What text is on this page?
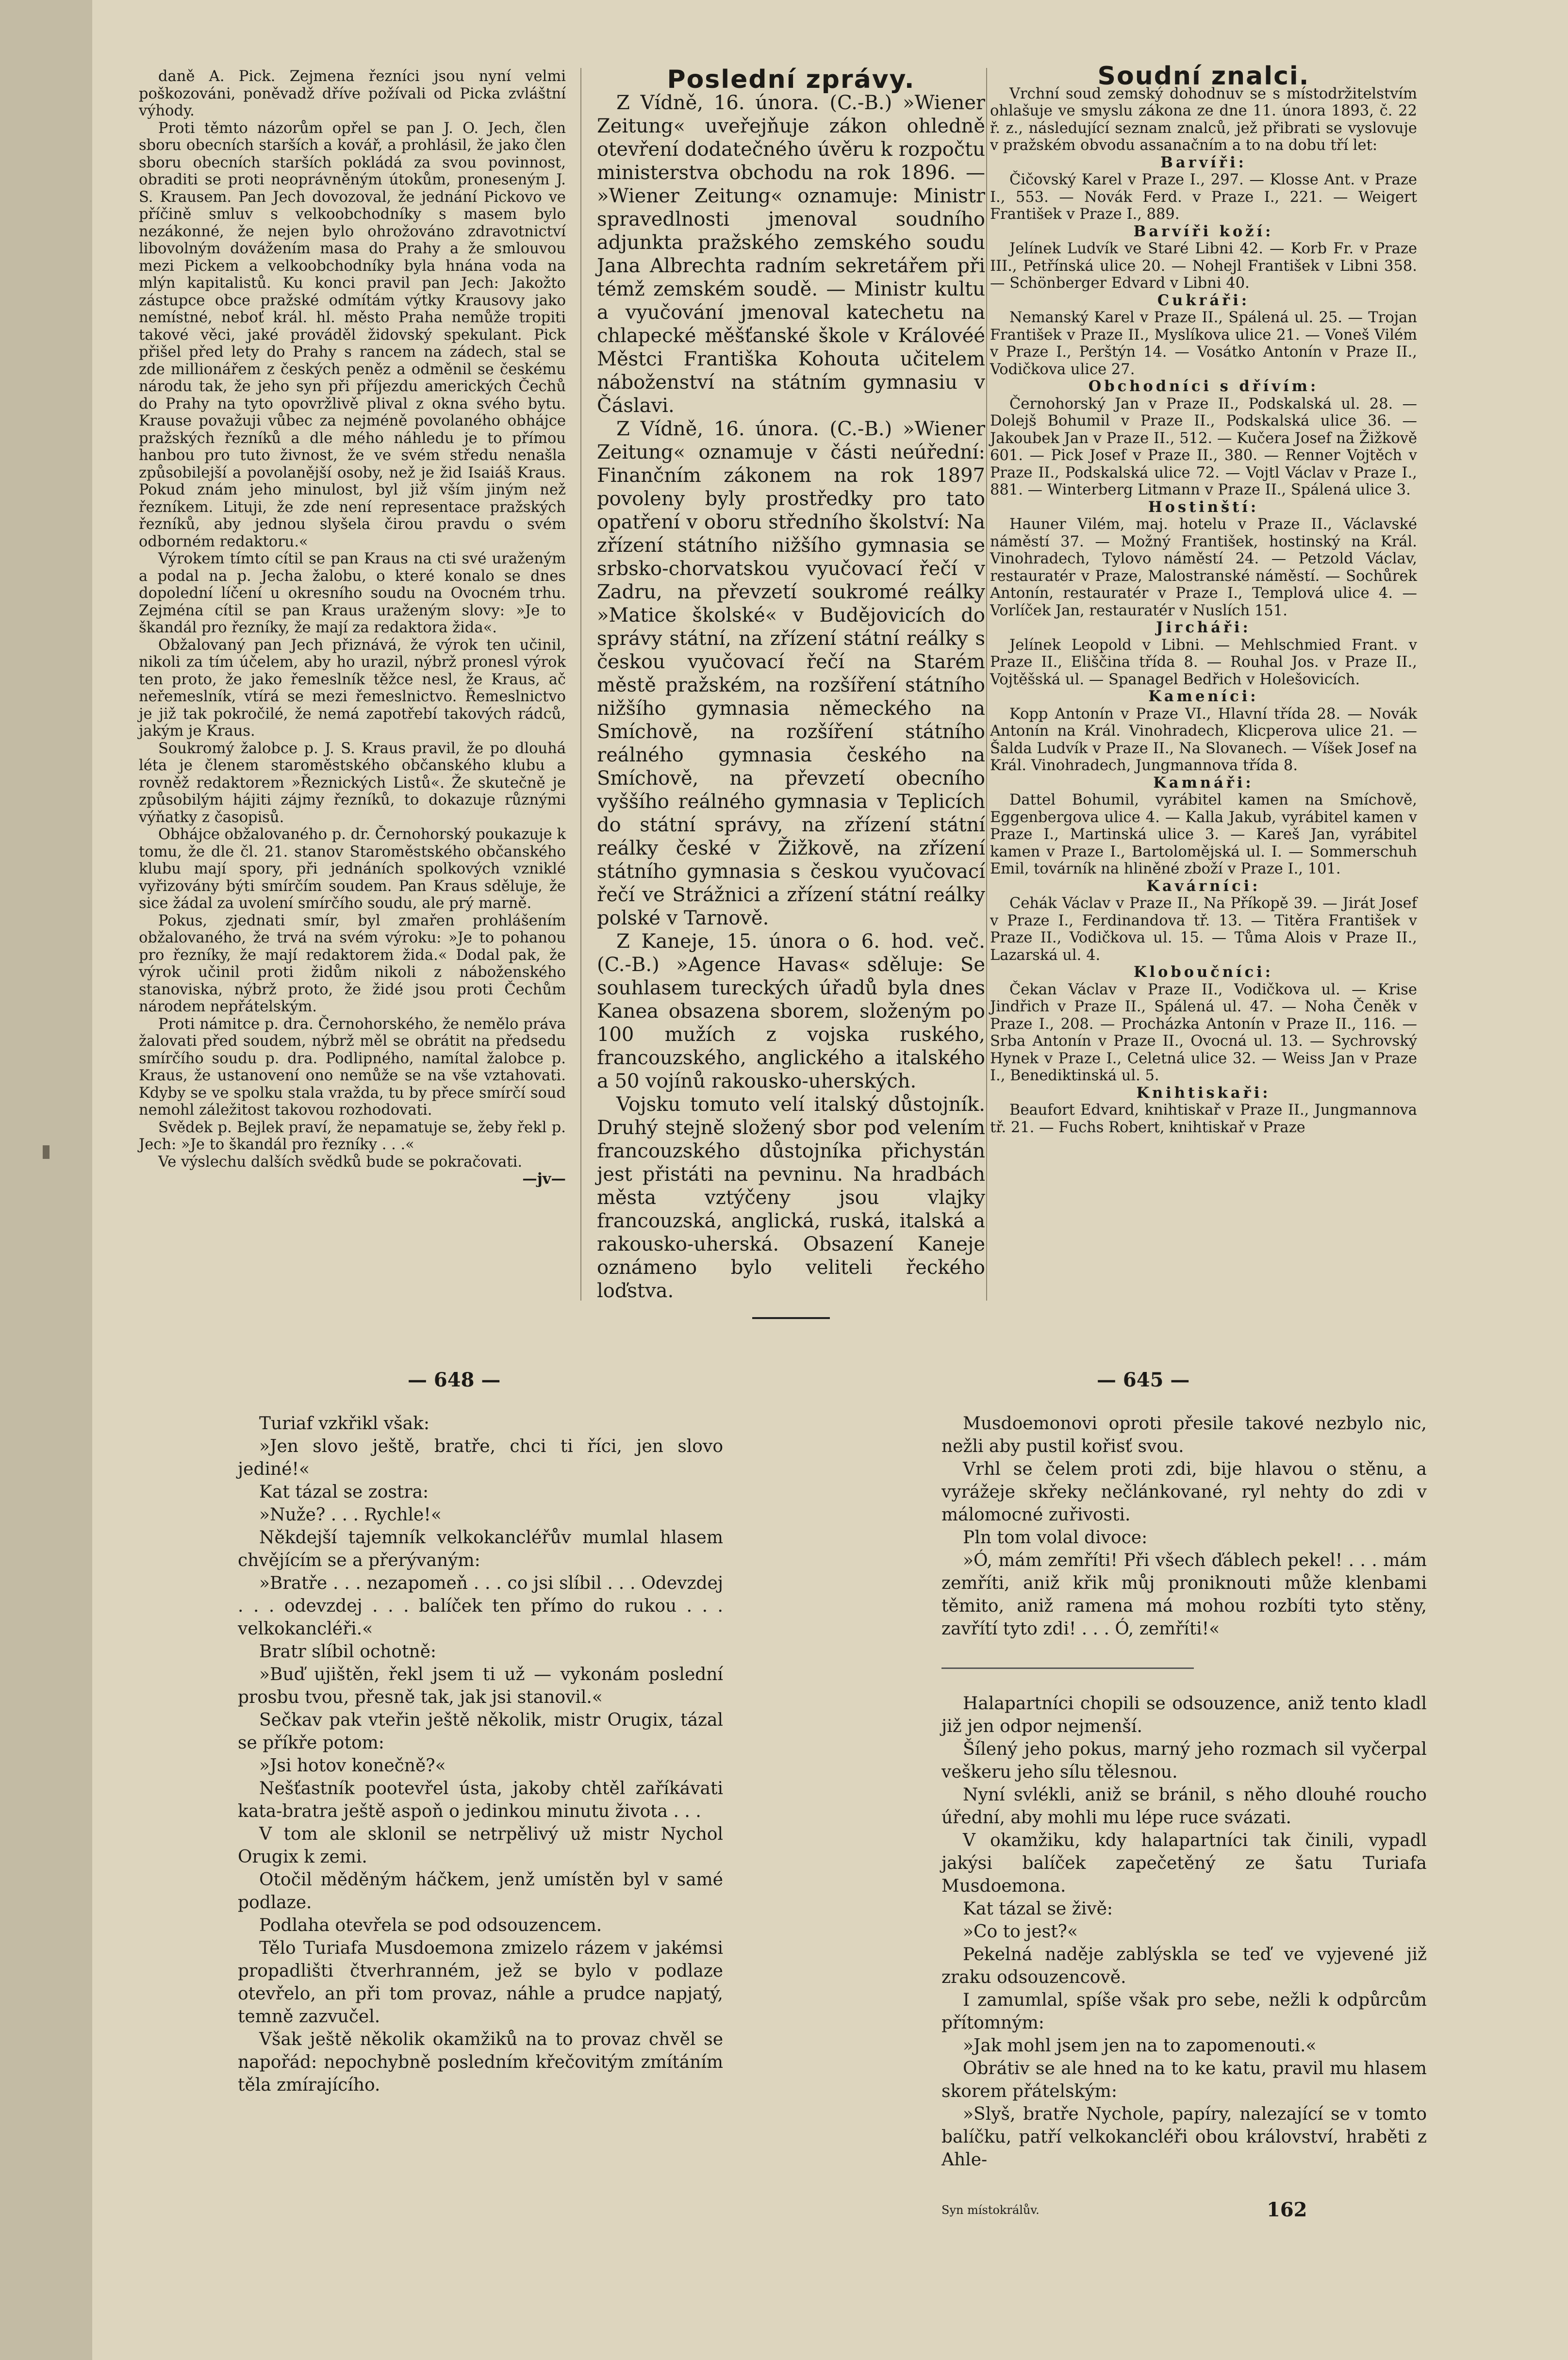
daně A. Pick. Zejmena řezníci jsou nyní velmi poškozováni, poněvadž dříve požívali od Picka zvláštní výhody.

Proti těmto názorům opřel se pan J. O. Jech, člen sboru obecních starších a kovář, a prohlásil, že jako člen sboru obecních starších pokládá za svou povinnost, obraditi se proti neoprávněným útokům, proneseným J. S. Krausem. Pan Jech dovozoval, že jednání Pickovo ve příčině smluv s velkoobchodníky s masem bylo nezákonné, že nejen bylo ohrožováno zdravotnictví libovolným dovážením masa do Prahy a že smlouvou mezi Pickem a velkoobchodníky byla hnána voda na mlýn kapitalistů. Ku konci pravil pan Jech: Jakožto zástupce obce pražské odmítám výtky Krausovy jako nemístné, neboť král. hl. město Praha nemůže tropiti takové věci, jaké prováděl židovský spekulant. Pick přišel před lety do Prahy s rancem na zádech, stal se zde millionářem z českých peněz a odměnil se českému národu tak, že jeho syn při příjezdu amerických Čechů do Prahy na tyto opovržlivě plival z okna svého bytu. Krause považuji vůbec za nejméně povolaného obhájce pražských řezníků a dle mého náhledu je to přímou hanbou pro tuto živnost, že ve svém středu nenašla způsobilejší a povolanější osoby, než je žid Isaiáš Kraus. Pokud znám jeho minulost, byl již vším jiným než řezníkem. Lituji, že zde není representace pražských řezníků, aby jednou slyšela čirou pravdu o svém odborném redaktoru.«

Výrokem tímto cítil se pan Kraus na cti své uraženým a podal na p. Jecha žalobu, o které konalo se dnes dopolední líčení u okresního soudu na Ovocném trhu. Zejména cítil se pan Kraus uraženým slovy: »Je to škandál pro řezníky, že mají za redaktora žida«.

Obžalovaný pan Jech přiznává, že výrok ten učinil, nikoli za tím účelem, aby ho urazil, nýbrž pronesl výrok ten proto, že jako řemeslník těžce nesl, že Kraus, ač neřemeslník, vtírá se mezi řemeslnictvo. Řemeslnictvo je již tak pokročilé, že nemá zapotřebí takových rádců, jakým je Kraus.

Soukromý žalobce p. J. S. Kraus pravil, že po dlouhá léta je členem staroměstského občanského klubu a rovněž redaktorem »Řeznických Listů«. Že skutečně je způsobilým hájiti zájmy řezníků, to dokazuje různými výňatky z časopisů.

Obhájce obžalovaného p. dr. Černohorský poukazuje k tomu, že dle čl. 21. stanov Staroměstského občanského klubu mají spory, při jednáních spolkových vzniklé vyřizovány býti smírčím soudem. Pan Kraus sděluje, že sice žádal za uvolení smírčího soudu, ale prý marně.

Pokus, zjednati smír, byl zmařen prohlášením obžalovaného, že trvá na svém výroku: »Je to pohanou pro řezníky, že mají redaktorem žida.« Dodal pak, že výrok učinil proti židům nikoli z náboženského stanoviska, nýbrž proto, že židé jsou proti Čechům národem nepřátelským.

Proti námitce p. dra. Černohorského, že nemělo práva žalovati před soudem, nýbrž měl se obrátit na předsedu smírčího soudu p. dra. Podlipného, namítal žalobce p. Kraus, že ustanovení ono nemůže se na vše vztahovati. Kdyby se ve spolku stala vražda, tu by přece smírčí soud nemohl záležitost takovou rozhodovati.

Svědek p. Bejlek praví, že nepamatuje se, žeby řekl p. Jech: »Je to škandál pro řezníky . . .«

Ve výslechu dalších svědků bude se pokračovati.

—jv—

Poslední zprávy.

Z Vídně, 16. února. (C.-B.) »Wiener Zeitung« uveřejňuje zákon ohledně otevření dodatečného úvěru k rozpočtu ministerstva obchodu na rok 1896. — »Wiener Zeitung« oznamuje: Ministr spravedlnosti jmenoval soudního adjunkta pražského zemského soudu Jana Albrechta radním sekretářem při témž zemském soudě. — Ministr kultu a vyučování jmenoval katechetu na chlapecké měšťanské škole v Královéé Městci Františka Kohouta učitelem náboženství na státním gymnasiu v Čáslavi.

Z Vídně, 16. února. (C.-B.) »Wiener Zeitung« oznamuje v části neúřední: Finančním zákonem na rok 1897 povoleny byly prostředky pro tato opatření v oboru středního školství: Na zřízení státního nižšího gymnasia se srbsko-chorvatskou vyučovací řečí v Zadru, na převzetí soukromé reálky »Matice školské« v Budějovicích do správy státní, na zřízení státní reálky s českou vyučovací řečí na Starém městě pražském, na rozšíření státního nižšího gymnasia německého na Smíchově, na rozšíření státního reálného gymnasia českého na Smíchově, na převzetí obecního vyššího reálného gymnasia v Teplicích do státní správy, na zřízení státní reálky české v Žižkově, na zřízení státního gymnasia s českou vyučovací řečí ve Strážnici a zřízení státní reálky polské v Tarnově.

Z Kaneje, 15. února o 6. hod. več. (C.-B.) »Agence Havas« sděluje: Se souhlasem tureckých úřadů byla dnes Kanea obsazena sborem, složeným po 100 mužích z vojska ruského, francouzského, anglického a italského a 50 vojínů rakousko-uherských.

Vojsku tomuto velí italský důstojník. Druhý stejně složený sbor pod velením francouzského důstojníka přichystán jest přistáti na pevninu. Na hradbách města vztýčeny jsou vlajky francouzská, anglická, ruská, italská a rakousko-uherská. Obsazení Kaneje oznámeno bylo veliteli řeckého loďstva.

Soudní znalci.

Vrchní soud zemský dohodnuv se s místodržitelstvím ohlašuje ve smyslu zákona ze dne 11. února 1893, č. 22 ř. z., následující seznam znalců, jež přibrati se vyslovuje v pražském obvodu assanačním a to na dobu tří let:

Barvíři:

Čičovský Karel v Praze I., 297. — Klosse Ant. v Praze I., 553. — Novák Ferd. v Praze I., 221. — Weigert František v Praze I., 889.

Barvíři koží:

Jelínek Ludvík ve Staré Libni 42. — Korb Fr. v Praze III., Petřínská ulice 20. — Nohejl František v Libni 358. — Schönberger Edvard v Libni 40.

Cukráři:

Nemanský Karel v Praze II., Spálená ul. 25. — Trojan František v Praze II., Myslíkova ulice 21. — Voneš Vilém v Praze I., Perštýn 14. — Vosátko Antonín v Praze II., Vodičkova ulice 27.

Obchodníci s dřívím:

Černohorský Jan v Praze II., Podskalská ul. 28. — Dolejš Bohumil v Praze II., Podskalská ulice 36. — Jakoubek Jan v Praze II., 512. — Kučera Josef na Žižkově 601. — Pick Josef v Praze II., 380. — Renner Vojtěch v Praze II., Podskalská ulice 72. — Vojtl Václav v Praze I., 881. — Winterberg Litmann v Praze II., Spálená ulice 3.

Hostinští:

Hauner Vilém, maj. hotelu v Praze II., Václavské náměstí 37. — Možný František, hostinský na Král. Vinohradech, Tylovo náměstí 24. — Petzold Václav, restauratér v Praze, Malostranské náměstí. — Sochůrek Antonín, restauratér v Praze I., Templová ulice 4. — Vorlíček Jan, restauratér v Nuslích 151.

Jircháři:

Jelínek Leopold v Libni. — Mehlschmied Frant. v Praze II., Eliščina třída 8. — Rouhal Jos. v Praze II., Vojtěšská ul. — Spanagel Bedřich v Holešovicích.

Kameníci:

Kopp Antonín v Praze VI., Hlavní třída 28. — Novák Antonín na Král. Vinohradech, Klicperova ulice 21. — Šalda Ludvík v Praze II., Na Slovanech. — Víšek Josef na Král. Vinohradech, Jungmannova třída 8.

Kamnáři:

Dattel Bohumil, vyrábitel kamen na Smíchově, Eggenbergova ulice 4. — Kalla Jakub, vyrábitel kamen v Praze I., Martinská ulice 3. — Kareš Jan, vyrábitel kamen v Praze I., Bartolomějská ul. I. — Sommerschuh Emil, továrník na hliněné zboží v Praze I., 101.

Kavárníci:

Cehák Václav v Praze II., Na Příkopě 39. — Jirát Josef v Praze I., Ferdinandova tř. 13. — Titěra František v Praze II., Vodičkova ul. 15. — Tůma Alois v Praze II., Lazarská ul. 4.

Kloboučníci:

Čekan Václav v Praze II., Vodičkova ul. — Krise Jindřich v Praze II., Spálená ul. 47. — Noha Čeněk v Praze I., 208. — Procházka Antonín v Praze II., 116. — Srba Antonín v Praze II., Ovocná ul. 13. — Sychrovský Hynek v Praze I., Celetná ulice 32. — Weiss Jan v Praze I., Benediktinská ul. 5.

Knihtiskaři:

Beaufort Edvard, knihtiskař v Praze II., Jungmannova tř. 21. — Fuchs Robert, knihtiskař v Praze

— 648 —	— 645 —

Turiaf vzkřikl však:

»Jen slovo ještě, bratře, chci ti říci, jen slovo jediné!«

Kat tázal se zostra:

»Nuže? . . . Rychle!«

Někdejší tajemník velkokancléřův mumlal hlasem chvějícím se a přerývaným:

»Bratře . . . nezapomeň . . . co jsi slíbil . . . Odevzdej . . . odevzdej . . . balíček ten přímo do rukou . . . velkokancléři.«

Bratr slíbil ochotně:

»Buď ujištěn, řekl jsem ti už — vykonám poslední prosbu tvou, přesně tak, jak jsi stanovil.«

Sečkav pak vteřin ještě několik, mistr Orugix, tázal se příkře potom:

»Jsi hotov konečně?«

Nešťastník pootevřel ústa, jakoby chtěl zaříkávati kata-bratra ještě aspoň o jedinkou minutu života . . .

V tom ale sklonil se netrpělivý už mistr Nychol Orugix k zemi.

Otočil měděným háčkem, jenž umístěn byl v samé podlaze.

Podlaha otevřela se pod odsouzencem.

Tělo Turiafa Musdoemona zmizelo rázem v jakémsi propadlišti čtverhranném, jež se bylo v podlaze otevřelo, an při tom provaz, náhle a prudce napjatý, temně zazvučel.

Však ještě několik okamžiků na to provaz chvěl se napořád: nepochybně posledním křečovitým zmítáním těla zmírajícího.

Musdoemonovi oproti přesile takové nezbylo nic, nežli aby pustil kořisť svou.

Vrhl se čelem proti zdi, bije hlavou o stěnu, a vyrážeje skřeky nečlánkované, ryl nehty do zdi v málomocné zuřivosti.

Pln tom volal divoce:

»Ó, mám zemříti! Při všech ďáblech pekel! . . . mám zemříti, aniž křik můj proniknouti může klenbami těmito, aniž ramena má mohou rozbíti tyto stěny, zavřítí tyto zdi! . . . Ó, zemříti!«

Halapartníci chopili se odsouzence, aniž tento kladl již jen odpor nejmenší.

Šílený jeho pokus, marný jeho rozmach sil vyčerpal veškeru jeho sílu tělesnou.

Nyní svlékli, aniž se bránil, s něho dlouhé roucho úřední, aby mohli mu lépe ruce svázati.

V okamžiku, kdy halapartníci tak činili, vypadl jakýsi balíček zapečetěný ze šatu Turiafa Musdoemona.

Kat tázal se živě:

»Co to jest?«

Pekelná naděje zablýskla se teď ve vyjevené již zraku odsouzencově.

I zamumlal, spíše však pro sebe, nežli k odpůrcům přítomným:

»Jak mohl jsem jen na to zapomenouti.«

Obrátiv se ale hned na to ke katu, pravil mu hlasem skorem přátelským:

»Slyš, bratře Nychole, papíry, nalezající se v tomto balíčku, patří velkokancléři obou království, hraběti z Ahle-

Syn místokrálův.	162
